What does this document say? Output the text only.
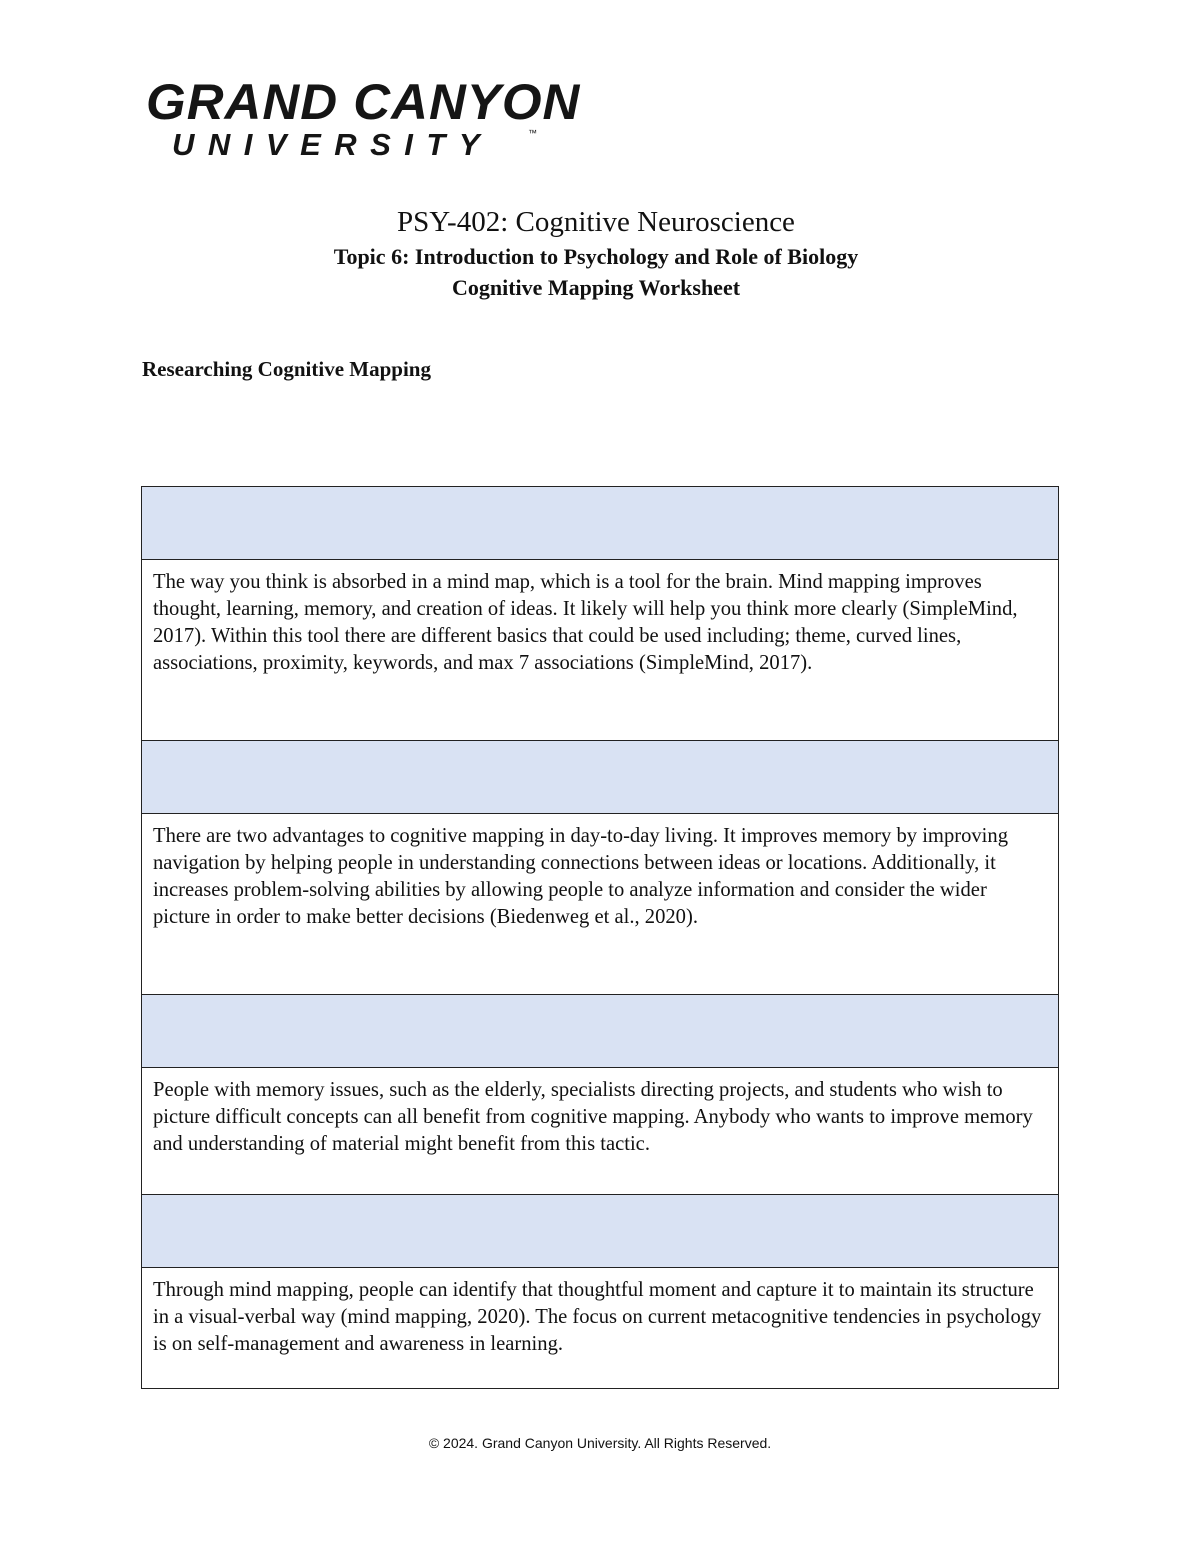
GRAND CANYON
UNIVERSITY	™
PSY-402: Cognitive Neuroscience
Topic 6: Introduction to Psychology and Role of Biology
Cognitive Mapping Worksheet
Researching Cognitive Mapping

The way you think is absorbed in a mind map, which is a tool for the brain. Mind mapping improves thought, learning, memory, and creation of ideas. It likely will help you think more clearly (SimpleMind, 2017). Within this tool there are different basics that could be used including; theme, curved lines, associations, proximity, keywords, and max 7 associations (SimpleMind, 2017).

There are two advantages to cognitive mapping in day-to-day living. It improves memory by improving navigation by helping people in understanding connections between ideas or locations. Additionally, it increases problem-solving abilities by allowing people to analyze information and consider the wider picture in order to make better decisions (Biedenweg et al., 2020).

People with memory issues, such as the elderly, specialists directing projects, and students who wish to picture difficult concepts can all benefit from cognitive mapping. Anybody who wants to improve memory and understanding of material might benefit from this tactic.

Through mind mapping, people can identify that thoughtful moment and capture it to maintain its structure in a visual-verbal way (mind mapping, 2020). The focus on current metacognitive tendencies in psychology is on self-management and awareness in learning.
© 2024. Grand Canyon University. All Rights Reserved.
